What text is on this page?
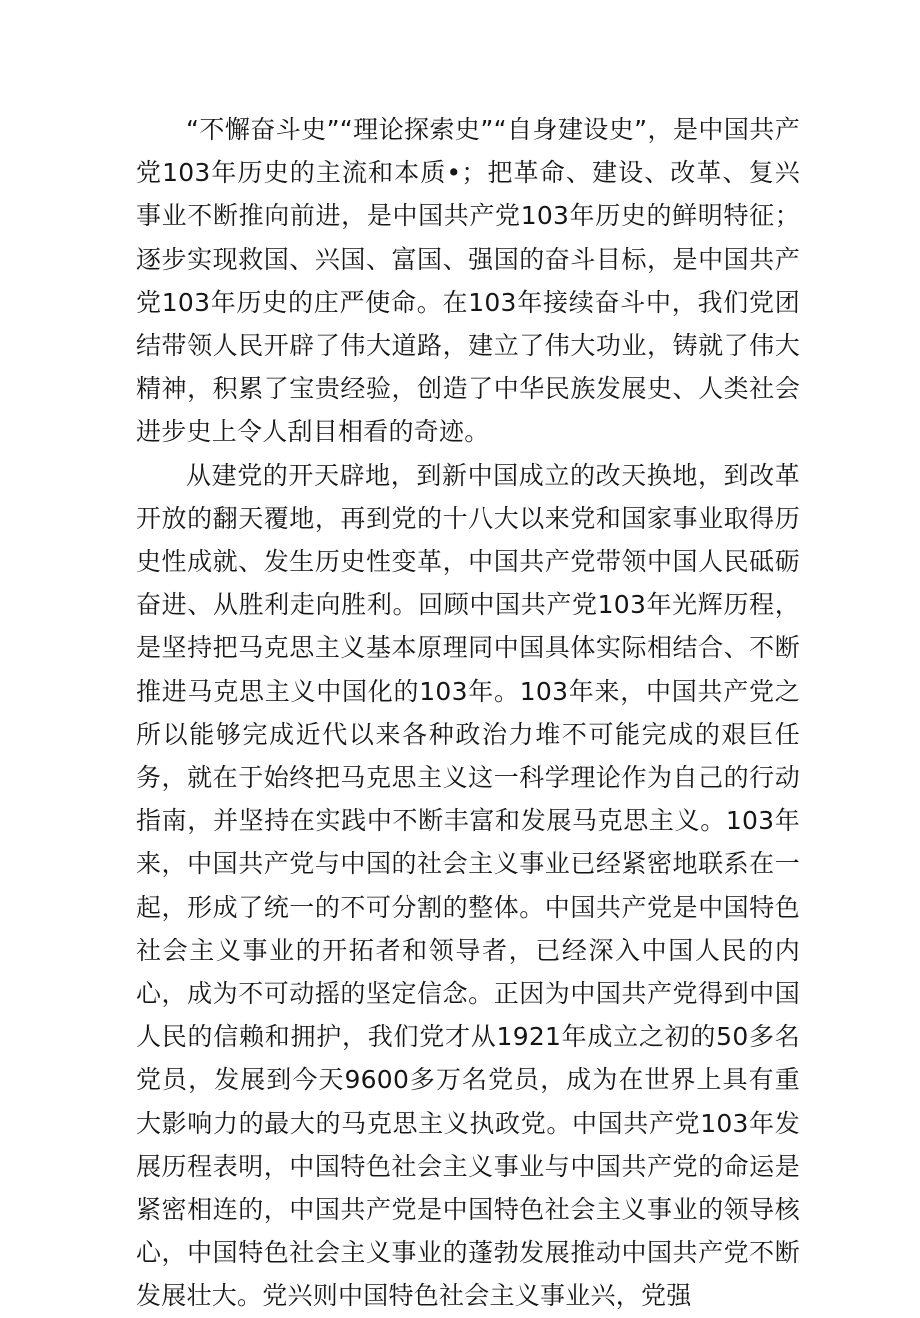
“不懈奋斗史”“理论探索史”“自身建设史”，是中国共产党103年历史的主流和本质•；把革命、建设、改革、复兴事业不断推向前进，是中国共产党103年历史的鲜明特征；逐步实现救国、兴国、富国、强国的奋斗目标，是中国共产党103年历史的庄严使命。在103年接续奋斗中，我们党团结带领人民开辟了伟大道路，建立了伟大功业，铸就了伟大精神，积累了宝贵经验，创造了中华民族发展史、人类社会进步史上令人刮目相看的奇迹。

从建党的开天辟地，到新中国成立的改天换地，到改革开放的翻天覆地，再到党的十八大以来党和国家事业取得历史性成就、发生历史性变革，中国共产党带领中国人民砥砺奋进、从胜利走向胜利。回顾中国共产党103年光辉历程，是坚持把马克思主义基本原理同中国具体实际相结合、不断推进马克思主义中国化的103年。103年来，中国共产党之所以能够完成近代以来各种政治力堆不可能完成的艰巨任务，就在于始终把马克思主义这一科学理论作为自己的行动指南，并坚持在实践中不断丰富和发展马克思主义。103年来，中国共产党与中国的社会主义事业已经紧密地联系在一起，形成了统一的不可分割的整体。中国共产党是中国特色社会主义事业的开拓者和领导者，已经深入中国人民的内心，成为不可动摇的坚定信念。正因为中国共产党得到中国人民的信赖和拥护，我们党才从1921年成立之初的50多名党员，发展到今天9600多万名党员，成为在世界上具有重大影响力的最大的马克思主义执政党。中国共产党103年发展历程表明，中国特色社会主义事业与中国共产党的命运是紧密相连的，中国共产党是中国特色社会主义事业的领导核心，中国特色社会主义事业的蓬勃发展推动中国共产党不断发展壮大。党兴则中国特色社会主义事业兴，党强
